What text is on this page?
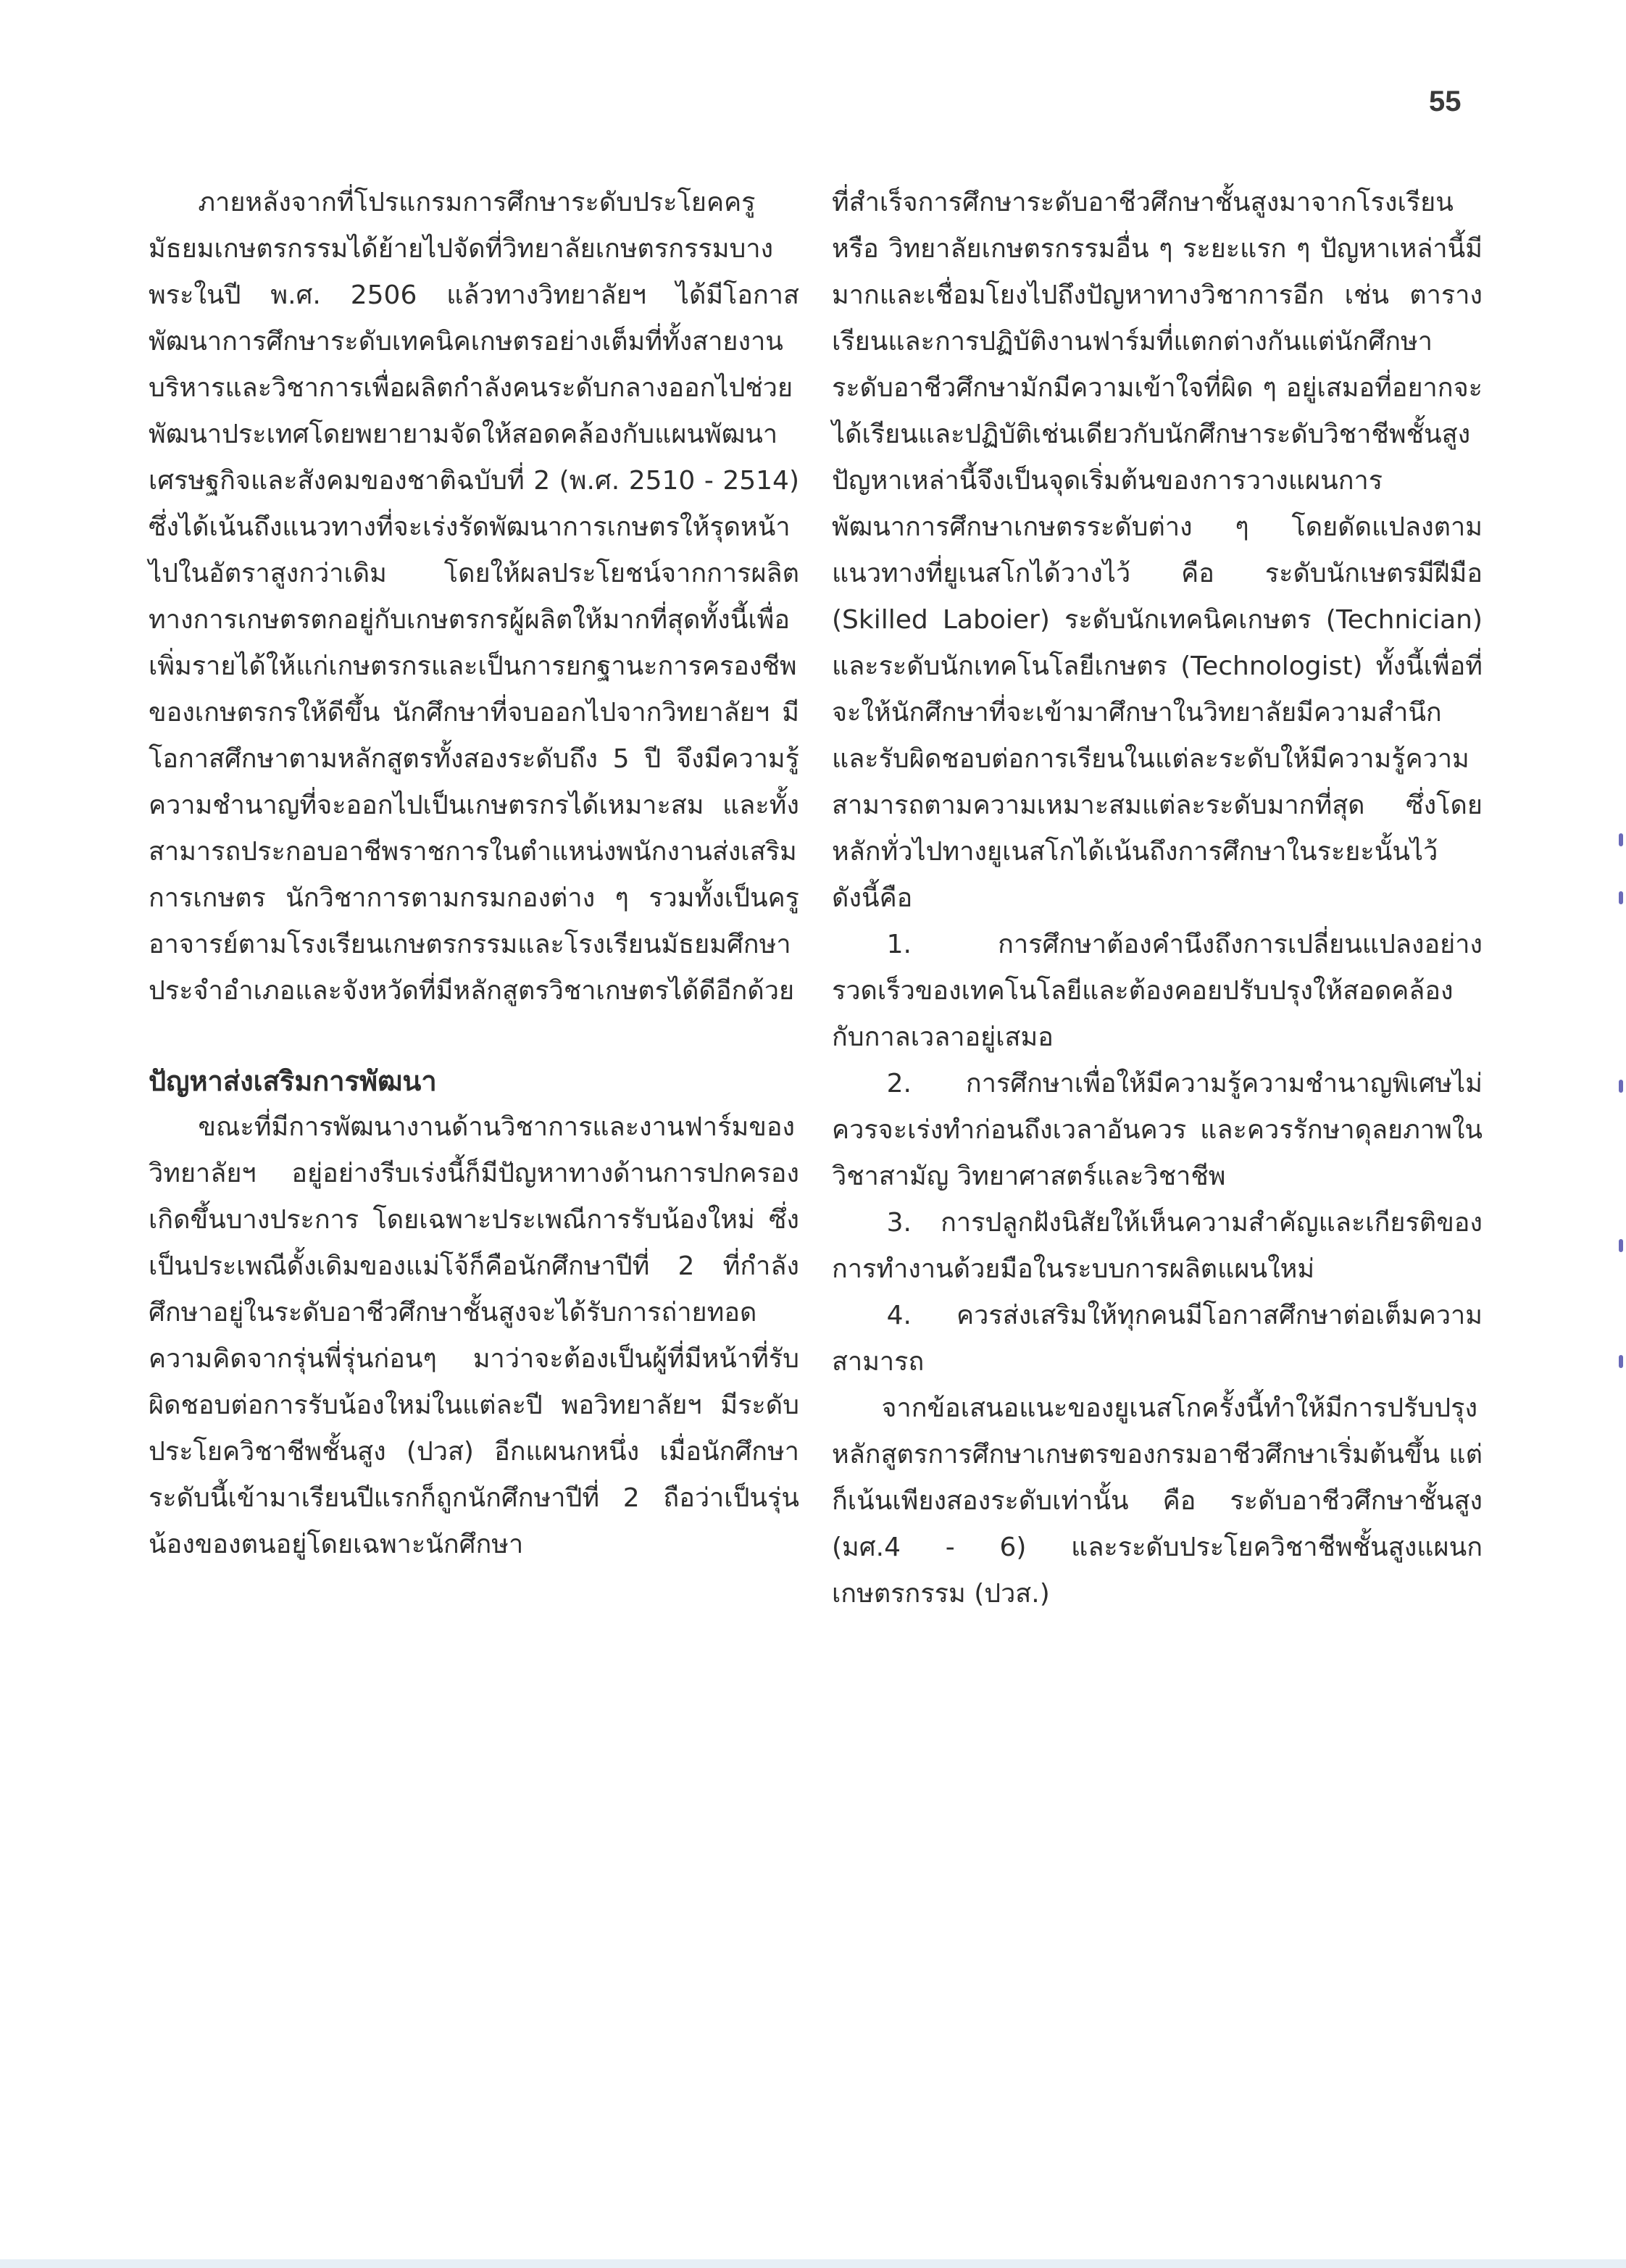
55

ภายหลังจากที่โปรแกรมการศึกษาระดับประโยคครูมัธยมเกษตรกรรมได้ย้ายไปจัดที่วิทยาลัยเกษตรกรรมบางพระในปี พ.ศ. 2506 แล้วทางวิทยาลัยฯ ได้มีโอกาสพัฒนาการศึกษาระดับเทคนิคเกษตรอย่างเต็มที่ทั้งสายงานบริหารและวิชาการเพื่อผลิตกำลังคนระดับกลางออกไปช่วยพัฒนาประเทศโดยพยายามจัดให้สอดคล้องกับแผนพัฒนาเศรษฐกิจและสังคมของชาติฉบับที่ 2 (พ.ศ. 2510 - 2514) ซึ่งได้เน้นถึงแนวทางที่จะเร่งรัดพัฒนาการเกษตรให้รุดหน้าไปในอัตราสูงกว่าเดิม โดยให้ผลประโยชน์จากการผลิตทางการเกษตรตกอยู่กับเกษตรกรผู้ผลิตให้มากที่สุดทั้งนี้เพื่อเพิ่มรายได้ให้แก่เกษตรกรและเป็นการยกฐานะการครองชีพของเกษตรกรให้ดีขึ้น นักศึกษาที่จบออกไปจากวิทยาลัยฯ มีโอกาสศึกษาตามหลักสูตรทั้งสองระดับถึง 5 ปี จึงมีความรู้ความชำนาญที่จะออกไปเป็นเกษตรกรได้เหมาะสม และทั้งสามารถประกอบอาชีพราชการในตำแหน่งพนักงานส่งเสริมการเกษตร นักวิชาการตามกรมกองต่าง ๆ รวมทั้งเป็นครูอาจารย์ตามโรงเรียนเกษตรกรรมและโรงเรียนมัธยมศึกษาประจำอำเภอและจังหวัดที่มีหลักสูตรวิชาเกษตรได้ดีอีกด้วย

ปัญหาส่งเสริมการพัฒนา

ขณะที่มีการพัฒนางานด้านวิชาการและงานฟาร์มของวิทยาลัยฯ อยู่อย่างรีบเร่งนี้ก็มีปัญหาทางด้านการปกครองเกิดขึ้นบางประการ โดยเฉพาะประเพณีการรับน้องใหม่ ซึ่งเป็นประเพณีดั้งเดิมของแม่โจ้ก็คือนักศึกษาปีที่ 2 ที่กำลังศึกษาอยู่ในระดับอาชีวศึกษาชั้นสูงจะได้รับการถ่ายทอดความคิดจากรุ่นพี่รุ่นก่อนๆ มาว่าจะต้องเป็นผู้ที่มีหน้าที่รับผิดชอบต่อการรับน้องใหม่ในแต่ละปี พอวิทยาลัยฯ มีระดับประโยควิชาชีพชั้นสูง (ปวส) อีกแผนกหนึ่ง เมื่อนักศึกษาระดับนี้เข้ามาเรียนปีแรกก็ถูกนักศึกษาปีที่ 2 ถือว่าเป็นรุ่นน้องของตนอยู่โดยเฉพาะนักศึกษา

ที่สำเร็จการศึกษาระดับอาชีวศึกษาชั้นสูงมาจากโรงเรียน หรือ วิทยาลัยเกษตรกรรมอื่น ๆ ระยะแรก ๆ ปัญหาเหล่านี้มีมากและเชื่อมโยงไปถึงปัญหาทางวิชาการอีก เช่น ตารางเรียนและการปฏิบัติงานฟาร์มที่แตกต่างกันแต่นักศึกษาระดับอาชีวศึกษามักมีความเข้าใจที่ผิด ๆ อยู่เสมอที่อยากจะได้เรียนและปฏิบัติเช่นเดียวกับนักศึกษาระดับวิชาชีพชั้นสูง ปัญหาเหล่านี้จึงเป็นจุดเริ่มต้นของการวางแผนการพัฒนาการศึกษาเกษตรระดับต่าง ๆ โดยดัดแปลงตามแนวทางที่ยูเนสโกได้วางไว้ คือ ระดับนักเษตรมีฝีมือ (Skilled Laboier) ระดับนักเทคนิคเกษตร (Technician) และระดับนักเทคโนโลยีเกษตร (Technologist) ทั้งนี้เพื่อที่จะให้นักศึกษาที่จะเข้ามาศึกษาในวิทยาลัยมีความสำนึกและรับผิดชอบต่อการเรียนในแต่ละระดับให้มีความรู้ความสามารถตามความเหมาะสมแต่ละระดับมากที่สุด ซึ่งโดยหลักทั่วไปทางยูเนสโกได้เน้นถึงการศึกษาในระยะนั้นไว้ดังนี้คือ

1. การศึกษาต้องคำนึงถึงการเปลี่ยนแปลงอย่างรวดเร็วของเทคโนโลยีและต้องคอยปรับปรุงให้สอดคล้องกับกาลเวลาอยู่เสมอ

2. การศึกษาเพื่อให้มีความรู้ความชำนาญพิเศษไม่ควรจะเร่งทำก่อนถึงเวลาอันควร และควรรักษาดุลยภาพในวิชาสามัญ วิทยาศาสตร์และวิชาชีพ

3. การปลูกฝังนิสัยให้เห็นความสำคัญและเกียรติของการทำงานด้วยมือในระบบการผลิตแผนใหม่

4. ควรส่งเสริมให้ทุกคนมีโอกาสศึกษาต่อเต็มความสามารถ

จากข้อเสนอแนะของยูเนสโกครั้งนี้ทำให้มีการปรับปรุงหลักสูตรการศึกษาเกษตรของกรมอาชีวศึกษาเริ่มต้นขึ้น แต่ก็เน้นเพียงสองระดับเท่านั้น คือ ระดับอาชีวศึกษาชั้นสูง (มศ.4 - 6) และระดับประโยควิชาชีพชั้นสูงแผนกเกษตรกรรม (ปวส.)
